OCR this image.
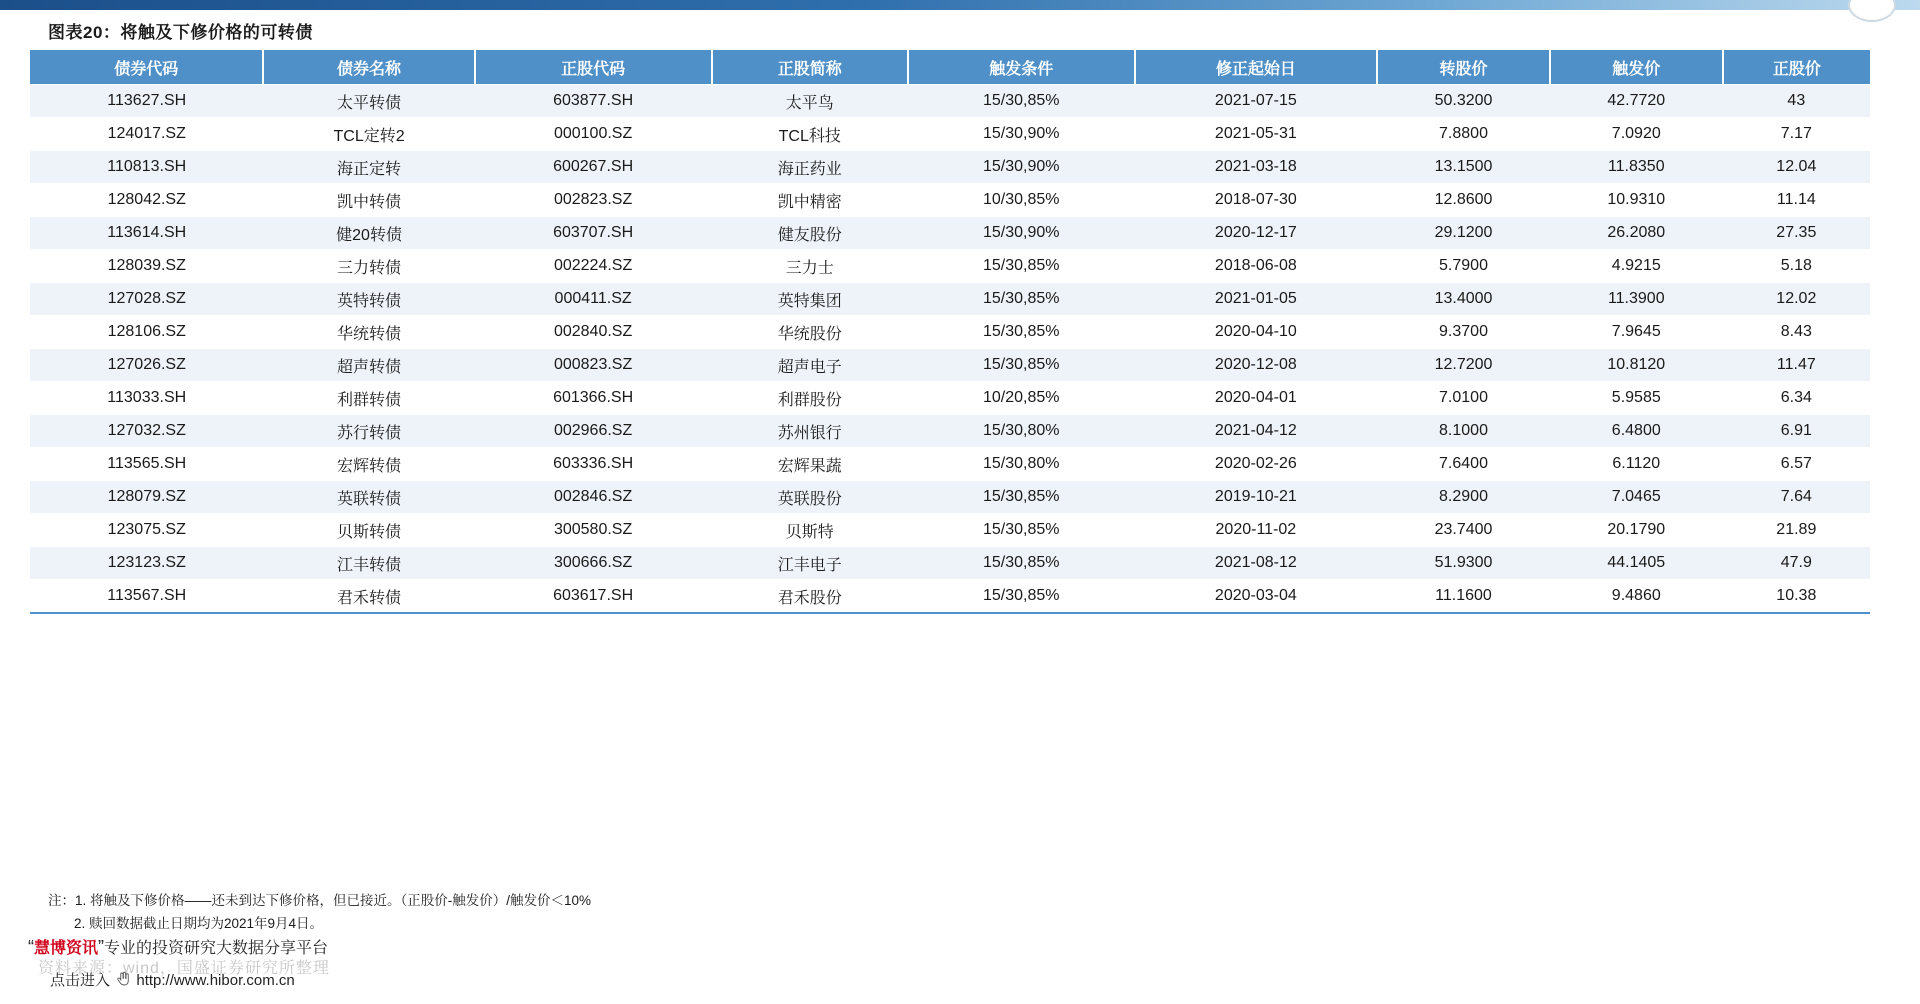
图表20：将触及下修价格的可转债
债券代码	债券名称	正股代码	正股简称	触发条件	修正起始日	转股价	触发价	正股价
113627.SH	太平转债	603877.SH	太平鸟	15/30,85%	2021-07-15	50.3200	42.7720	43
124017.SZ	TCL定转2	000100.SZ	TCL科技	15/30,90%	2021-05-31	7.8800	7.0920	7.17
110813.SH	海正定转	600267.SH	海正药业	15/30,90%	2021-03-18	13.1500	11.8350	12.04
128042.SZ	凯中转债	002823.SZ	凯中精密	10/30,85%	2018-07-30	12.8600	10.9310	11.14
113614.SH	健20转债	603707.SH	健友股份	15/30,90%	2020-12-17	29.1200	26.2080	27.35
128039.SZ	三力转债	002224.SZ	三力士	15/30,85%	2018-06-08	5.7900	4.9215	5.18
127028.SZ	英特转债	000411.SZ	英特集团	15/30,85%	2021-01-05	13.4000	11.3900	12.02
128106.SZ	华统转债	002840.SZ	华统股份	15/30,85%	2020-04-10	9.3700	7.9645	8.43
127026.SZ	超声转债	000823.SZ	超声电子	15/30,85%	2020-12-08	12.7200	10.8120	11.47
113033.SH	利群转债	601366.SH	利群股份	10/20,85%	2020-04-01	7.0100	5.9585	6.34
127032.SZ	苏行转债	002966.SZ	苏州银行	15/30,80%	2021-04-12	8.1000	6.4800	6.91
113565.SH	宏辉转债	603336.SH	宏辉果蔬	15/30,80%	2020-02-26	7.6400	6.1120	6.57
128079.SZ	英联转债	002846.SZ	英联股份	15/30,85%	2019-10-21	8.2900	7.0465	7.64
123075.SZ	贝斯转债	300580.SZ	贝斯特	15/30,85%	2020-11-02	23.7400	20.1790	21.89
123123.SZ	江丰转债	300666.SZ	江丰电子	15/30,85%	2021-08-12	51.9300	44.1405	47.9
113567.SH	君禾转债	603617.SH	君禾股份	15/30,85%	2020-03-04	11.1600	9.4860	10.38
注：1. 将触及下修价格——还未到达下修价格，但已接近。（正股价-触发价）/触发价＜10%
2. 赎回数据截止日期均为2021年9月4日。
“慧博资讯”专业的投资研究大数据分享平台
点击进入 http://www.hibor.com.cn
资料来源：wind，国盛证券研究所整理
